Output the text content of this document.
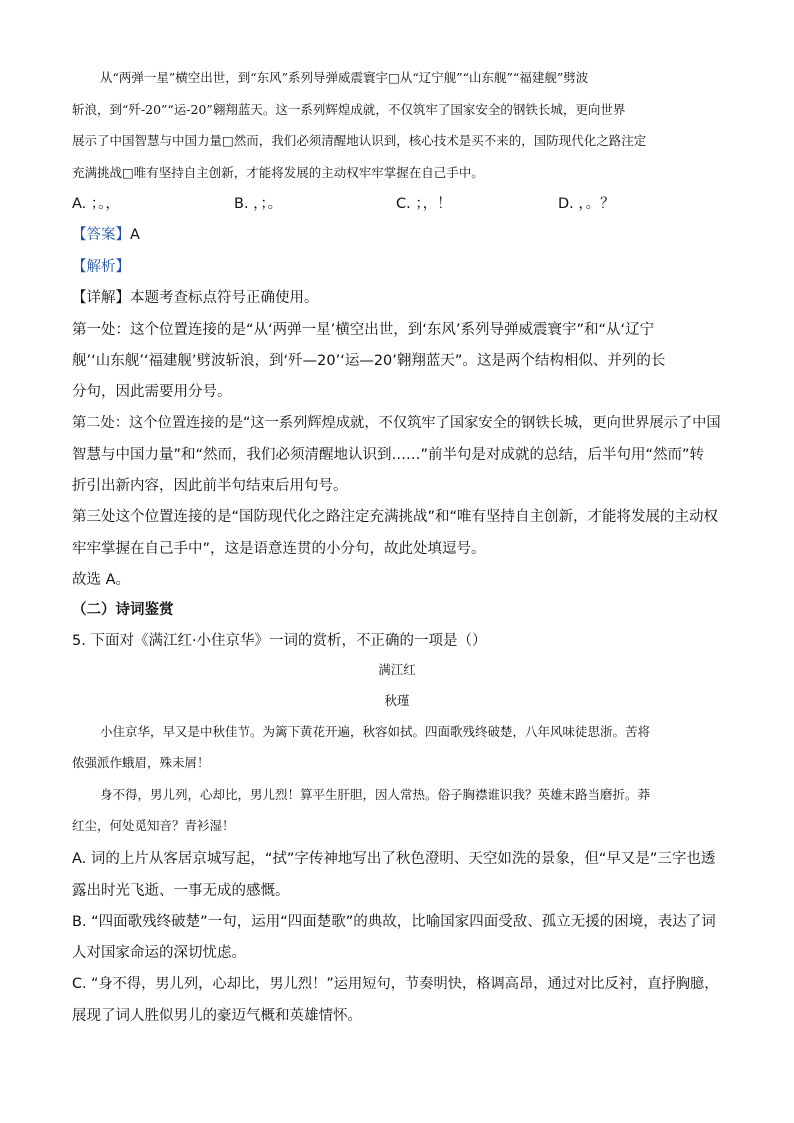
从“两弹一星”横空出世，到“东风”系列导弹威震寰宇□从“辽宁舰”“山东舰”“福建舰”劈波
斩浪，到“歼-20”“运-20”翱翔蓝天。这一系列辉煌成就，不仅筑牢了国家安全的钢铁长城，更向世界
展示了中国智慧与中国力量□然而，我们必须清醒地认识到，核心技术是买不来的，国防现代化之路注定
充满挑战□唯有坚持自主创新，才能将发展的主动权牢牢掌握在自己手中。
A. ；。，	B. ，；。	C. ；，！	D. ，。？
【答案】A
【解析】
【详解】本题考查标点符号正确使用。
第一处：这个位置连接的是“从‘两弹一星’横空出世，到‘东风’系列导弹威震寰宇”和“从‘辽宁
舰’‘山东舰’‘福建舰’劈波斩浪，到‘歼—20’‘运—20’翱翔蓝天”。这是两个结构相似、并列的长
分句，因此需要用分号。
第二处：这个位置连接的是“这一系列辉煌成就，不仅筑牢了国家安全的钢铁长城，更向世界展示了中国
智慧与中国力量”和“然而，我们必须清醒地认识到……”前半句是对成就的总结，后半句用“然而”转
折引出新内容，因此前半句结束后用句号。
第三处这个位置连接的是“国防现代化之路注定充满挑战”和“唯有坚持自主创新，才能将发展的主动权
牢牢掌握在自己手中”，这是语意连贯的小分句，故此处填逗号。
故选 A。
（二）诗词鉴赏
5. 下面对《满江红·小住京华》一词的赏析，不正确的一项是（）
满江红
秋瑾
小住京华，早又是中秋佳节。为篱下黄花开遍，秋容如拭。四面歌残终破楚，八年风味徒思浙。苦将
侬强派作蛾眉，殊未屑！
身不得，男儿列，心却比，男儿烈！算平生肝胆，因人常热。俗子胸襟谁识我？英雄末路当磨折。莽
红尘，何处觅知音？青衫湿！
A. 词的上片从客居京城写起，“拭”字传神地写出了秋色澄明、天空如洗的景象，但“早又是”三字也透
露出时光飞逝、一事无成的感慨。
B. “四面歌残终破楚”一句，运用“四面楚歌”的典故，比喻国家四面受敌、孤立无援的困境，表达了词
人对国家命运的深切忧虑。
C. “身不得，男儿列，心却比，男儿烈！”运用短句，节奏明快，格调高昂，通过对比反衬，直抒胸臆，
展现了词人胜似男儿的豪迈气概和英雄情怀。
